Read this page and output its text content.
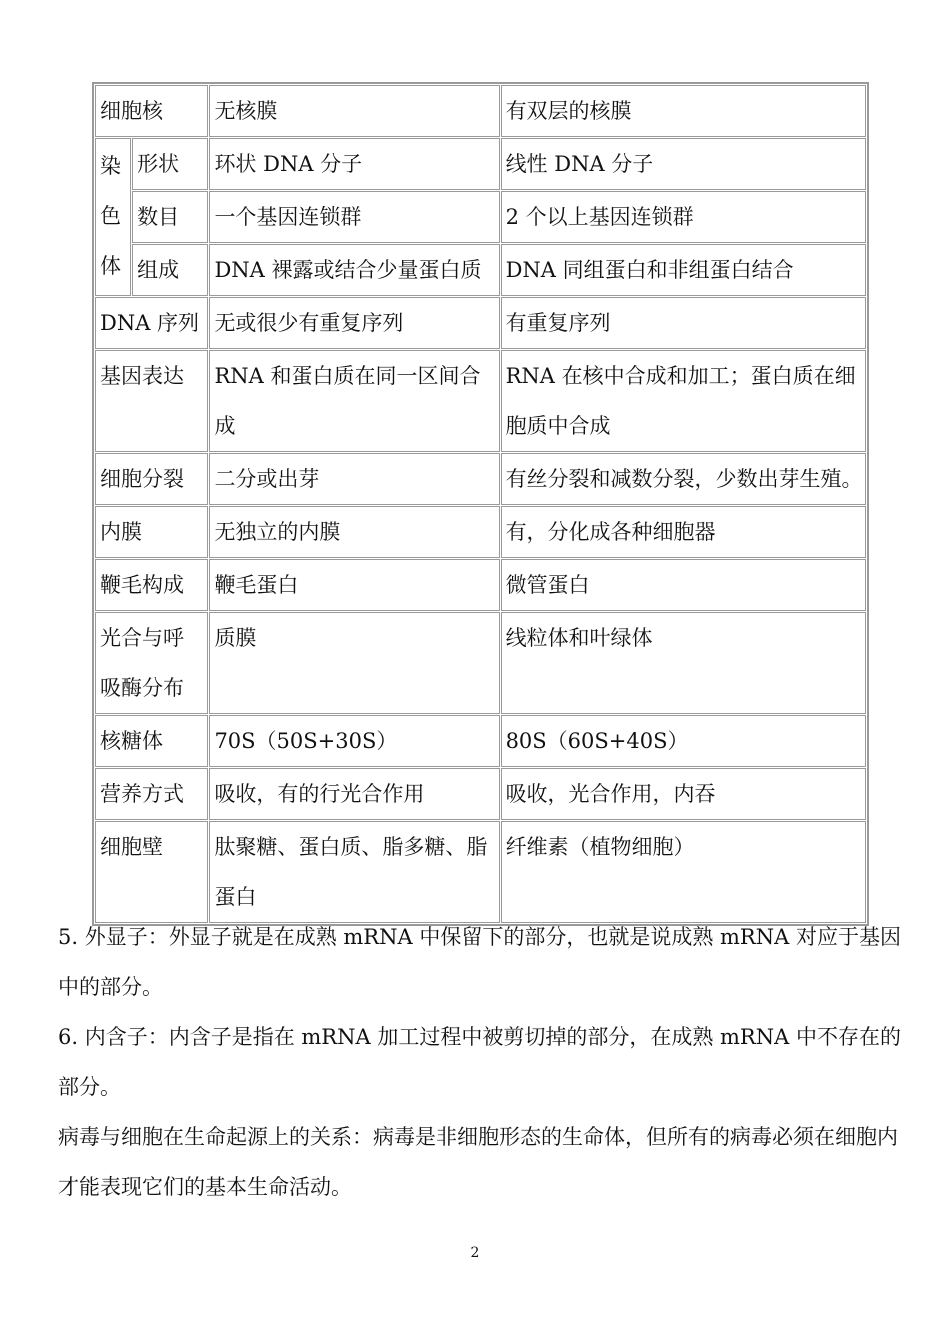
细胞核		无核膜	有双层的核膜

染
色
体	形状	环状 DNA 分子	线性 DNA 分子
	数目	一个基因连锁群	2 个以上基因连锁群
	组成	DNA 裸露或结合少量蛋白质	DNA 同组蛋白和非组蛋白结合
DNA 序列		无或很少有重复序列	有重复序列
基因表达		RNA 和蛋白质在同一区间合成	RNA 在核中合成和加工；蛋白质在细胞质中合成
细胞分裂		二分或出芽	有丝分裂和减数分裂，少数出芽生殖。
内膜		无独立的内膜	有，分化成各种细胞器
鞭毛构成		鞭毛蛋白	微管蛋白
光合与呼吸酶分布		质膜	线粒体和叶绿体
核糖体		70S（50S+30S）	80S（60S+40S）
营养方式		吸收，有的行光合作用	吸收，光合作用，内吞
细胞壁		肽聚糖、蛋白质、脂多糖、脂蛋白	纤维素（植物细胞）
5. 外显子：外显子就是在成熟 mRNA 中保留下的部分，也就是说成熟 mRNA 对应于基因中的部分。
6. 内含子：内含子是指在 mRNA 加工过程中被剪切掉的部分，在成熟 mRNA 中不存在的部分。
病毒与细胞在生命起源上的关系：病毒是非细胞形态的生命体，但所有的病毒必须在细胞内才能表现它们的基本生命活动。
2
